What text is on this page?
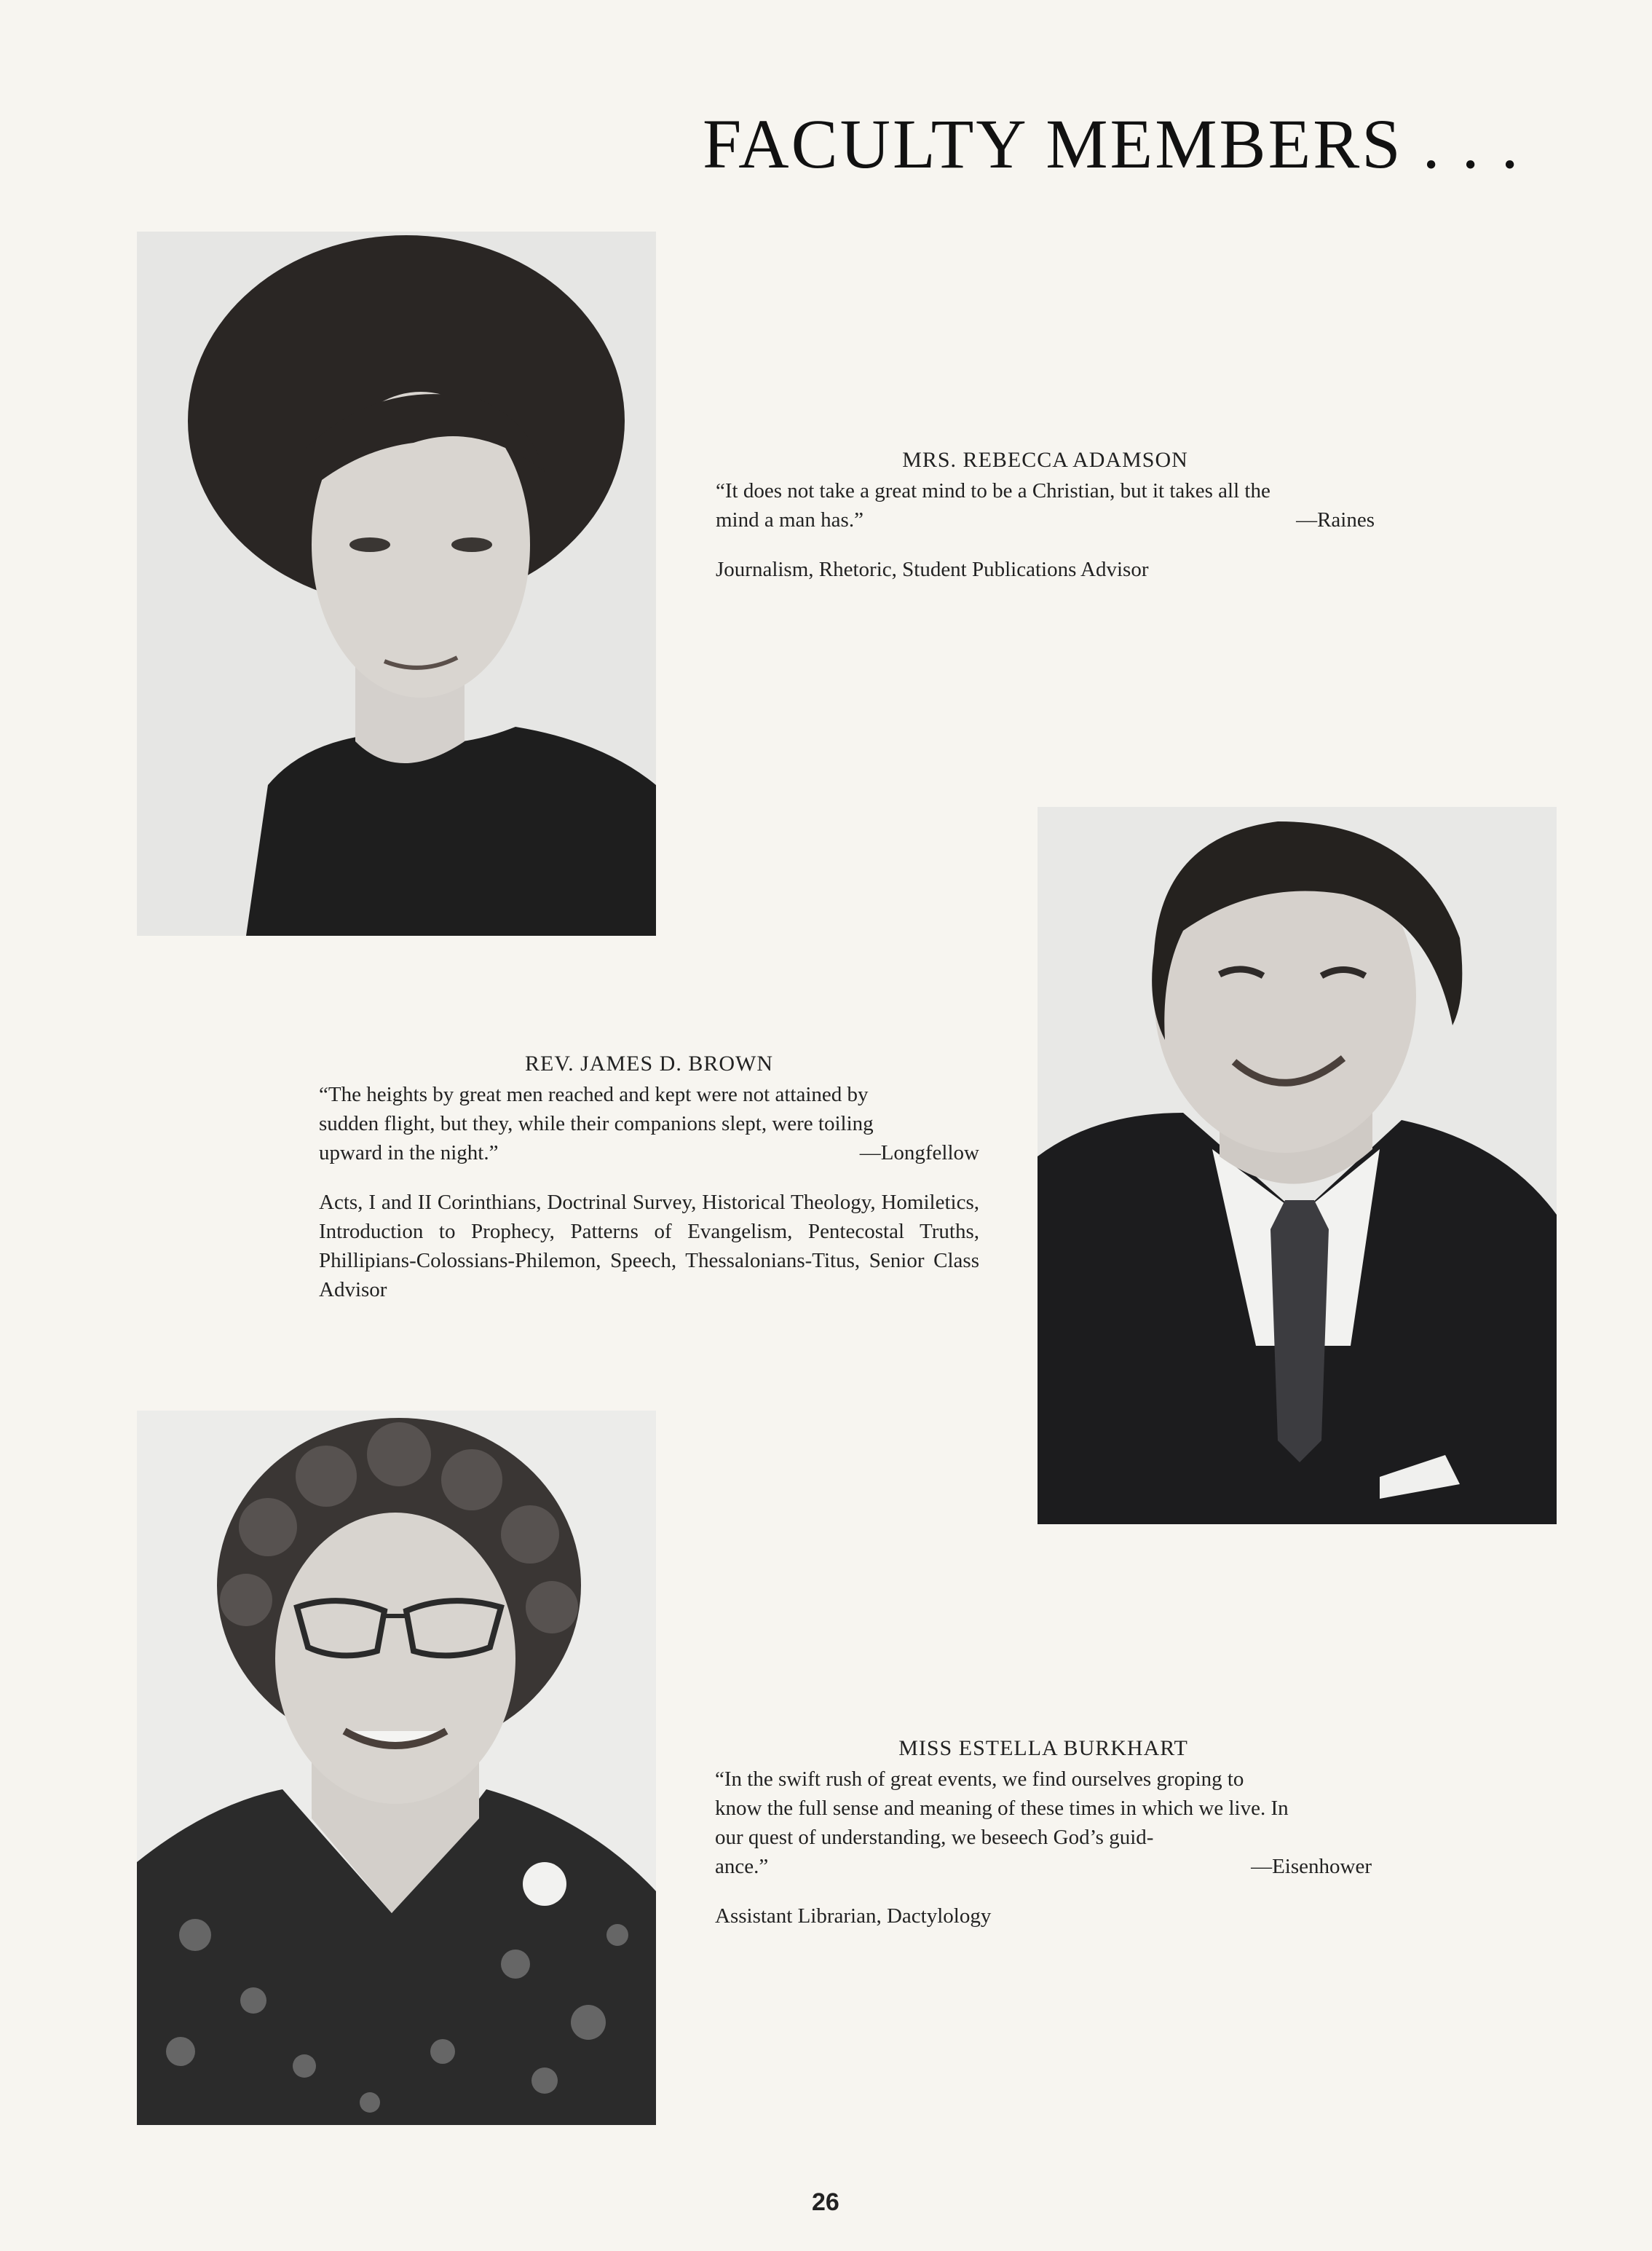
FACULTY MEMBERS . . .
MRS. REBECCA ADAMSON
“It does not take a great mind to be a Christian, but it takes all the
mind a man has.”	—Raines
Journalism, Rhetoric, Student Publications Advisor
REV. JAMES D. BROWN
“The heights by great men reached and kept were not attained by
sudden flight, but they, while their companions slept, were toiling
upward in the night.”	—Longfellow
Acts, I and II Corinthians, Doctrinal Survey, Historical Theology, Homiletics, Introduction to Prophecy, Patterns of Evangelism, Pentecostal Truths, Phillipians-Colossians-Philemon, Speech, Thessalonians-Titus, Senior Class Advisor
MISS ESTELLA BURKHART
“In the swift rush of great events, we find ourselves groping to
know the full sense and meaning of these times in which we live. In
our quest of understanding, we beseech God’s guid-
ance.”	—Eisenhower
Assistant Librarian, Dactylology
26
